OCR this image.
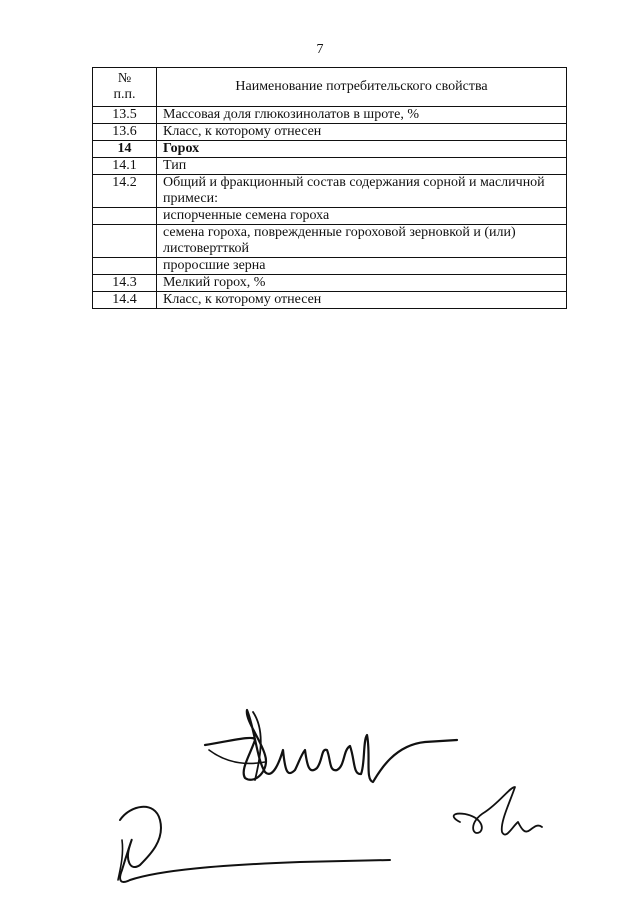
7
№
п.п.	Наименование потребительского свойства
13.5	Массовая доля глюкозинолатов в шроте, %
13.6	Класс, к которому отнесен
14	Горох
14.1	Тип
14.2	Общий и фракционный состав содержания сорной и масличной примеси:
	испорченные семена гороха
	семена гороха, поврежденные гороховой зерновкой и (или) листовертткой
	проросшие зерна
14.3	Мелкий горох, %
14.4	Класс, к которому отнесен
